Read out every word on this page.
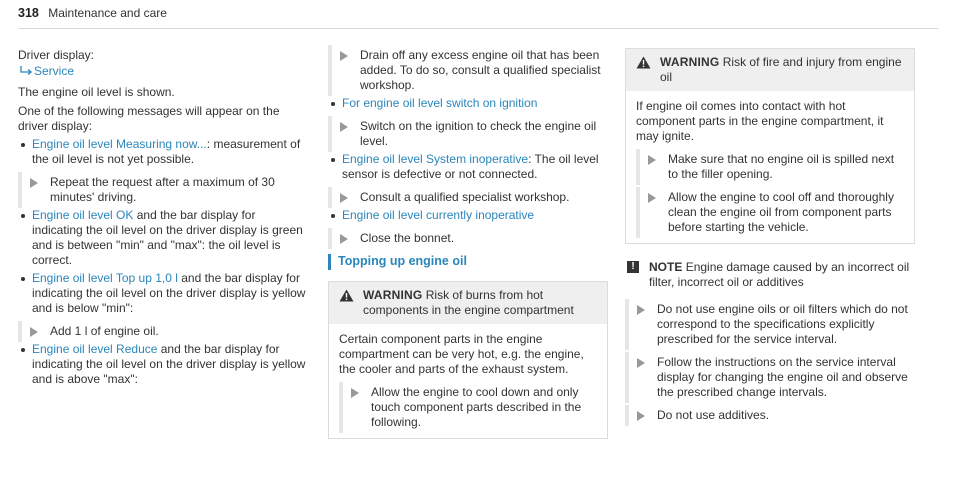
318 Maintenance and care

Driver display:

Service

The engine oil level is shown.

One of the following messages will appear on the driver display:

Engine oil level Measuring now...: measurement of the oil level is not yet possible.
Repeat the request after a maximum of 30 minutes' driving.
Engine oil level OK and the bar display for indicating the oil level on the driver display is green and is between "min" and "max": the oil level is correct.
Engine oil level Top up 1,0 l and the bar display for indicating the oil level on the driver display is yellow and is below "min":
Add 1 l of engine oil.
Engine oil level Reduce and the bar display for indicating the oil level on the driver display is yellow and is above "max":
Drain off any excess engine oil that has been added. To do so, consult a qualified specialist workshop.
For engine oil level switch on ignition
Switch on the ignition to check the engine oil level.
Engine oil level System inoperative: The oil level sensor is defective or not connected.
Consult a qualified specialist workshop.
Engine oil level currently inoperative
Close the bonnet.
Topping up engine oil
WARNING Risk of burns from hot components in the engine compartment

Certain component parts in the engine compartment can be very hot, e.g. the engine, the cooler and parts of the exhaust system.

Allow the engine to cool down and only touch component parts described in the following.
WARNING Risk of fire and injury from engine oil

If engine oil comes into contact with hot component parts in the engine compartment, it may ignite.

Make sure that no engine oil is spilled next to the filler opening.
Allow the engine to cool off and thoroughly clean the engine oil from component parts before starting the vehicle.
!	NOTE Engine damage caused by an incorrect oil filter, incorrect oil or additives
Do not use engine oils or oil filters which do not correspond to the specifications explicitly prescribed for the service interval.
Follow the instructions on the service interval display for changing the engine oil and observe the prescribed change intervals.
Do not use additives.
